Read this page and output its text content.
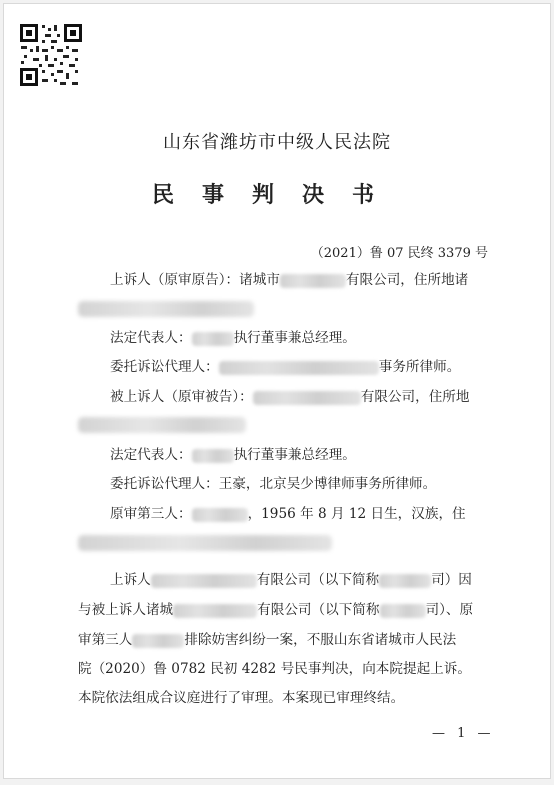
山东省潍坊市中级人民法院
民事判决书
（2021）鲁 07 民终 3379 号
上诉人（原审原告）：诸城市	有限公司，住所地诸
法定代表人：	执行董事兼总经理。
委托诉讼代理人：	事务所律师。
被上诉人（原审被告）：	有限公司，住所地
法定代表人：	执行董事兼总经理。
委托诉讼代理人：王豪，北京吴少博律师事务所律师。
原审第三人：	，1956 年 8 月 12 日生，汉族，住
上诉人	有限公司（以下简称	司）因
与被上诉人诸城	有限公司（以下简称	司）、原
审第三人	排除妨害纠纷一案，不服山东省诸城市人民法
院（2020）鲁 0782 民初 4282 号民事判决，向本院提起上诉。
本院依法组成合议庭进行了审理。本案现已审理终结。
— 1 —
